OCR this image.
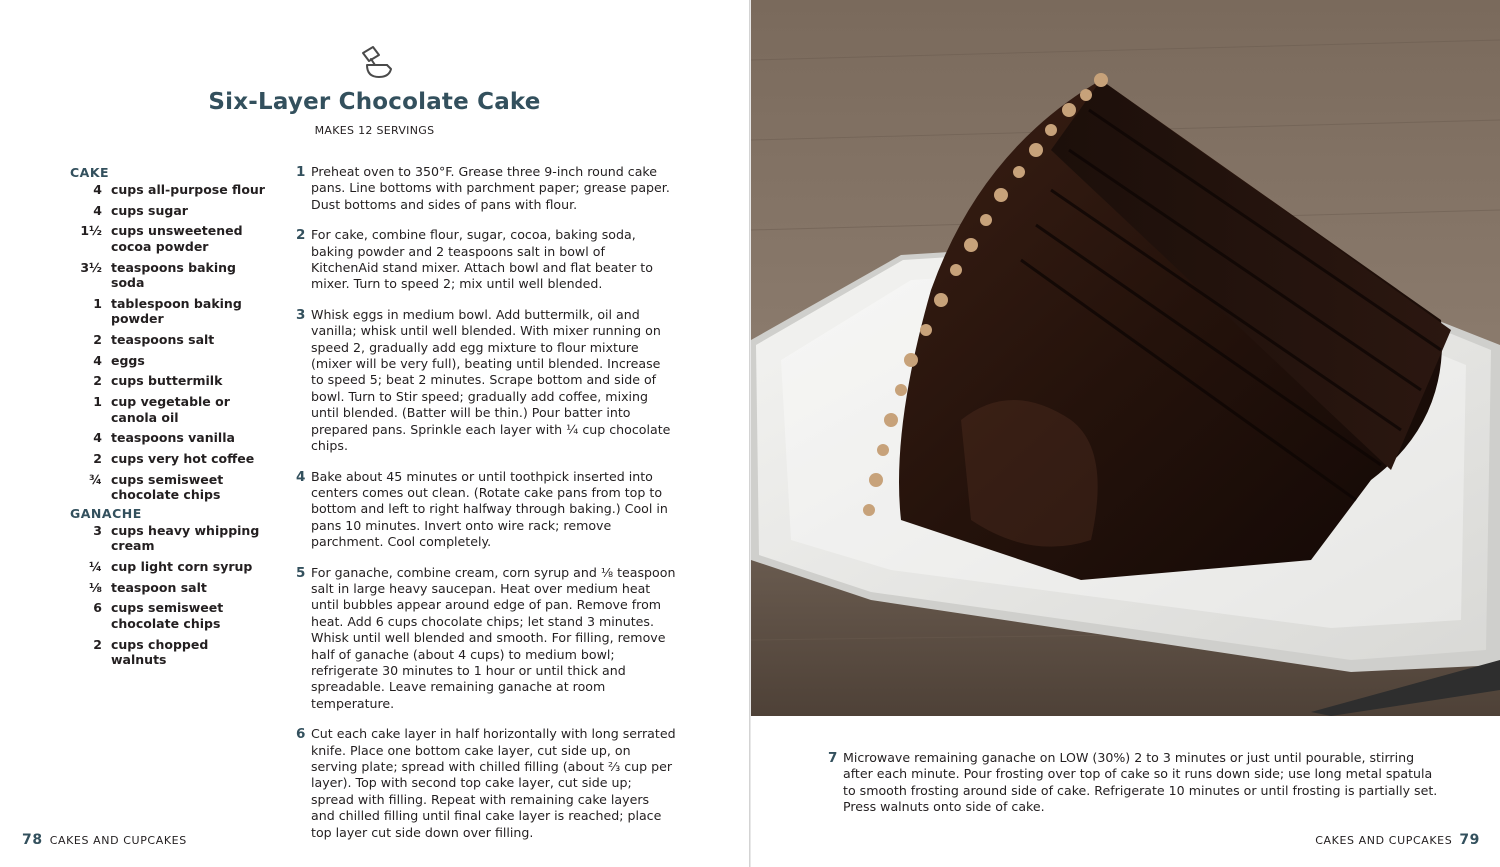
Six-Layer Chocolate Cake
MAKES 12 SERVINGS
CAKE
4 cups all-purpose flour
4 cups sugar
1½ cups unsweetened cocoa powder
3½ teaspoons baking soda
1 tablespoon baking powder
2 teaspoons salt
4 eggs
2 cups buttermilk
1 cup vegetable or canola oil
4 teaspoons vanilla
2 cups very hot coffee
¾ cups semisweet chocolate chips
GANACHE
3 cups heavy whipping cream
¼ cup light corn syrup
⅛ teaspoon salt
6 cups semisweet chocolate chips
2 cups chopped walnuts
1 Preheat oven to 350°F. Grease three 9-inch round cake pans. Line bottoms with parchment paper; grease paper. Dust bottoms and sides of pans with flour.
2 For cake, combine flour, sugar, cocoa, baking soda, baking powder and 2 teaspoons salt in bowl of KitchenAid stand mixer. Attach bowl and flat beater to mixer. Turn to speed 2; mix until well blended.
3 Whisk eggs in medium bowl. Add buttermilk, oil and vanilla; whisk until well blended. With mixer running on speed 2, gradually add egg mixture to flour mixture (mixer will be very full), beating until blended. Increase to speed 5; beat 2 minutes. Scrape bottom and side of bowl. Turn to Stir speed; gradually add coffee, mixing until blended. (Batter will be thin.) Pour batter into prepared pans. Sprinkle each layer with ¼ cup chocolate chips.
4 Bake about 45 minutes or until toothpick inserted into centers comes out clean. (Rotate cake pans from top to bottom and left to right halfway through baking.) Cool in pans 10 minutes. Invert onto wire rack; remove parchment. Cool completely.
5 For ganache, combine cream, corn syrup and ⅛ teaspoon salt in large heavy saucepan. Heat over medium heat until bubbles appear around edge of pan. Remove from heat. Add 6 cups chocolate chips; let stand 3 minutes. Whisk until well blended and smooth. For filling, remove half of ganache (about 4 cups) to medium bowl; refrigerate 30 minutes to 1 hour or until thick and spreadable. Leave remaining ganache at room temperature.
6 Cut each cake layer in half horizontally with long serrated knife. Place one bottom cake layer, cut side up, on serving plate; spread with chilled filling (about ⅔ cup per layer). Top with second top cake layer, cut side up; spread with filling. Repeat with remaining cake layers and chilled filling until final cake layer is reached; place top layer cut side down over filling.
78 CAKES AND CUPCAKES
7 Microwave remaining ganache on LOW (30%) 2 to 3 minutes or just until pourable, stirring after each minute. Pour frosting over top of cake so it runs down side; use long metal spatula to smooth frosting around side of cake. Refrigerate 10 minutes or until frosting is partially set. Press walnuts onto side of cake.
CAKES AND CUPCAKES 79
